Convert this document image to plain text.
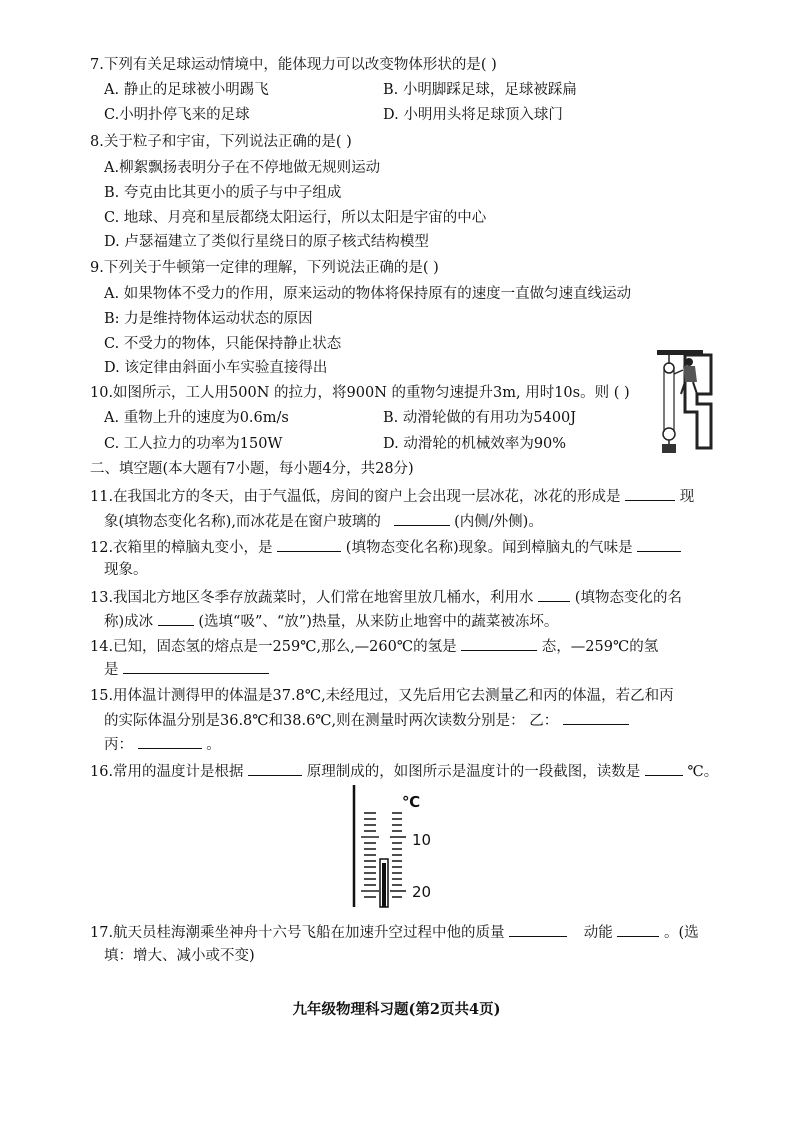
7.下列有关足球运动情境中，能体现力可以改变物体形状的是( )
A. 静止的足球被小明踢飞	B. 小明脚踩足球，足球被踩扁
C.小明扑停飞来的足球	D. 小明用头将足球顶入球门
8.关于粒子和宇宙，下列说法正确的是( )
A.柳絮飘扬表明分子在不停地做无规则运动
B. 夸克由比其更小的质子与中子组成
C. 地球、月亮和星辰都绕太阳运行，所以太阳是宇宙的中心
D. 卢瑟福建立了类似行星绕日的原子核式结构模型
9.下列关于牛顿第一定律的理解，下列说法正确的是( )
A. 如果物体不受力的作用，原来运动的物体将保持原有的速度一直做匀速直线运动
B: 力是维持物体运动状态的原因
C. 不受力的物体，只能保持静止状态
D. 该定律由斜面小车实验直接得出
10.如图所示，工人用500N 的拉力，将900N 的重物匀速提升3m, 用时10s。则 ( )
A. 重物上升的速度为0.6m/s	B. 动滑轮做的有用功为5400J
C. 工人拉力的功率为150W	D. 动滑轮的机械效率为90%
二、填空题(本大题有7小题，每小题4分，共28分)
11.在我国北方的冬天，由于气温低，房间的窗户上会出现一层冰花，冰花的形成是	现
象(填物态变化名称),而冰花是在窗户玻璃的	(内侧/外侧)。
12.衣箱里的樟脑丸变小，是	(填物态变化名称)现象。闻到樟脑丸的气味是
现象。
13.我国北方地区冬季存放蔬菜时，人们常在地窖里放几桶水，利用水	(填物态变化的名
称)成冰	(选填“吸”、“放”)热量，从来防止地窖中的蔬菜被冻坏。
14.已知，固态氢的熔点是一259℃,那么,—260℃的氢是	态，—259℃的氢
是
15.用体温计测得甲的体温是37.8℃,未经甩过，又先后用它去测量乙和丙的体温，若乙和丙
的实际体温分别是36.8℃和38.6℃,则在测量时两次读数分别是： 乙：
丙：	。
16.常用的温度计是根据	原理制成的，如图所示是温度计的一段截图，读数是	℃。
℃
10
20
17.航天员桂海潮乘坐神舟十六号飞船在加速升空过程中他的质量	动能	。(选
填：增大、减小或不变)
九年级物理科习题(第2页共4页)
